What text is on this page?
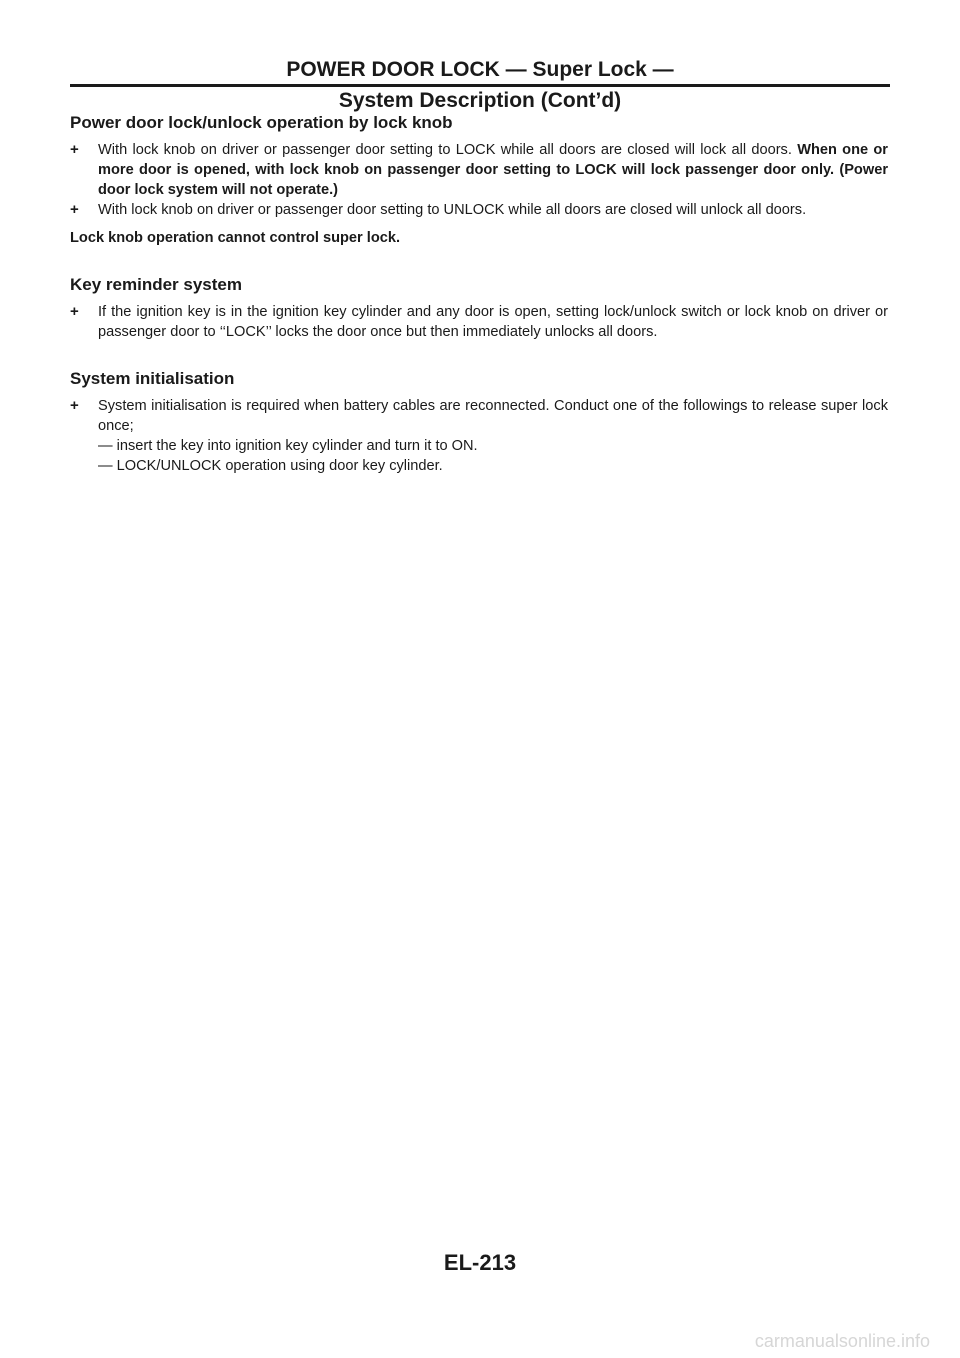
POWER DOOR LOCK — Super Lock —
System Description (Cont’d)
Power door lock/unlock operation by lock knob
+ With lock knob on driver or passenger door setting to LOCK while all doors are closed will lock all doors. When one or more door is opened, with lock knob on passenger door setting to LOCK will lock passenger door only. (Power door lock system will not operate.)
+ With lock knob on driver or passenger door setting to UNLOCK while all doors are closed will unlock all doors.
Lock knob operation cannot control super lock.
Key reminder system
+ If the ignition key is in the ignition key cylinder and any door is open, setting lock/unlock switch or lock knob on driver or passenger door to ‘‘LOCK’’ locks the door once but then immediately unlocks all doors.
System initialisation
+ System initialisation is required when battery cables are reconnected. Conduct one of the followings to release super lock once;
— insert the key into ignition key cylinder and turn it to ON.
— LOCK/UNLOCK operation using door key cylinder.
EL-213
carmanualsonline.info
